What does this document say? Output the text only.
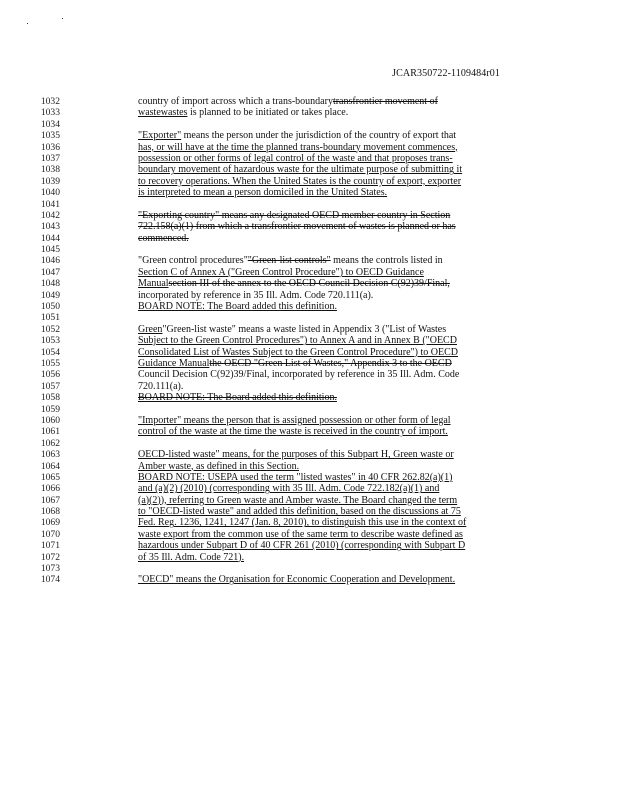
JCAR350722-1109484r01
1032	country of import across which a trans-boundarytransfrontier movement of
1033	wastewastes is planned to be initiated or takes place.
1034
1035	"Exporter" means the person under the jurisdiction of the country of export that
1036	has, or will have at the time the planned trans-boundary movement commences,
1037	possession or other forms of legal control of the waste and that proposes trans-
1038	boundary movement of hazardous waste for the ultimate purpose of submitting it
1039	to recovery operations. When the United States is the country of export, exporter
1040	is interpreted to mean a person domiciled in the United States.
1041
1042	"Exporting country" means any designated OECD member country in Section
1043	722.158(a)(1) from which a transfrontier movement of wastes is planned or has
1044	commenced.
1045
1046	"Green control procedures""Green-list controls" means the controls listed in
1047	Section C of Annex A ("Green Control Procedure") to OECD Guidance
1048	Manualsection III of the annex to the OECD Council Decision C(92)39/Final,
1049	incorporated by reference in 35 Ill. Adm. Code 720.111(a).
1050	BOARD NOTE: The Board added this definition.
1051
1052	Green"Green-list waste" means a waste listed in Appendix 3 ("List of Wastes
1053	Subject to the Green Control Procedures") to Annex A and in Annex B ("OECD
1054	Consolidated List of Wastes Subject to the Green Control Procedure") to OECD
1055	Guidance Manualthe OECD "Green List of Wastes," Appendix 3 to the OECD
1056	Council Decision C(92)39/Final, incorporated by reference in 35 Ill. Adm. Code
1057	720.111(a).
1058	BOARD NOTE: The Board added this definition.
1059
1060	"Importer" means the person that is assigned possession or other form of legal
1061	control of the waste at the time the waste is received in the country of import.
1062
1063	OECD-listed waste" means, for the purposes of this Subpart H, Green waste or
1064	Amber waste, as defined in this Section.
1065	BOARD NOTE: USEPA used the term "listed wastes" in 40 CFR 262.82(a)(1)
1066	and (a)(2) (2010) (corresponding with 35 Ill. Adm. Code 722.182(a)(1) and
1067	(a)(2)), referring to Green waste and Amber waste. The Board changed the term
1068	to "OECD-listed waste" and added this definition, based on the discussions at 75
1069	Fed. Reg. 1236, 1241, 1247 (Jan. 8, 2010), to distinguish this use in the context of
1070	waste export from the common use of the same term to describe waste defined as
1071	hazardous under Subpart D of 40 CFR 261 (2010) (corresponding with Subpart D
1072	of 35 Ill. Adm. Code 721).
1073
1074	"OECD" means the Organisation for Economic Cooperation and Development.
